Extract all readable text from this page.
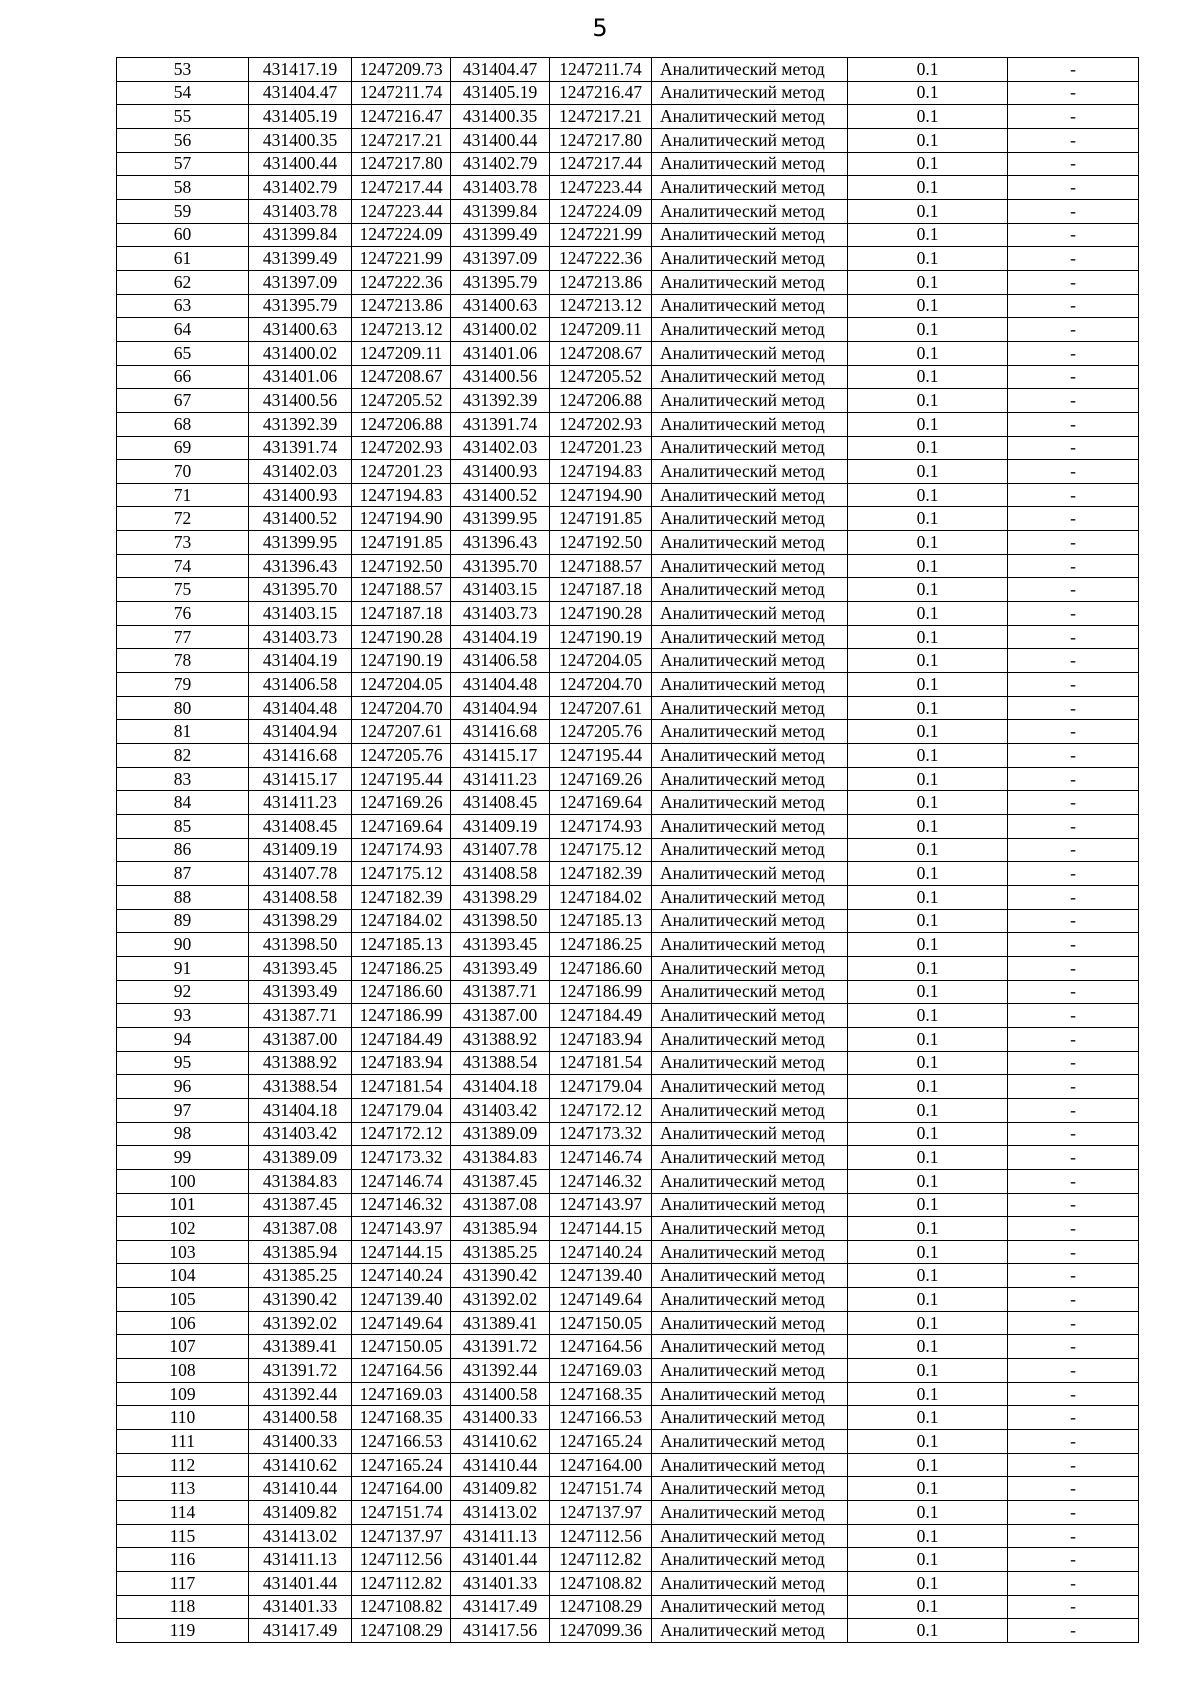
5
53	431417.19	1247209.73	431404.47	1247211.74	Аналитический метод	0.1	-
54	431404.47	1247211.74	431405.19	1247216.47	Аналитический метод	0.1	-
55	431405.19	1247216.47	431400.35	1247217.21	Аналитический метод	0.1	-
56	431400.35	1247217.21	431400.44	1247217.80	Аналитический метод	0.1	-
57	431400.44	1247217.80	431402.79	1247217.44	Аналитический метод	0.1	-
58	431402.79	1247217.44	431403.78	1247223.44	Аналитический метод	0.1	-
59	431403.78	1247223.44	431399.84	1247224.09	Аналитический метод	0.1	-
60	431399.84	1247224.09	431399.49	1247221.99	Аналитический метод	0.1	-
61	431399.49	1247221.99	431397.09	1247222.36	Аналитический метод	0.1	-
62	431397.09	1247222.36	431395.79	1247213.86	Аналитический метод	0.1	-
63	431395.79	1247213.86	431400.63	1247213.12	Аналитический метод	0.1	-
64	431400.63	1247213.12	431400.02	1247209.11	Аналитический метод	0.1	-
65	431400.02	1247209.11	431401.06	1247208.67	Аналитический метод	0.1	-
66	431401.06	1247208.67	431400.56	1247205.52	Аналитический метод	0.1	-
67	431400.56	1247205.52	431392.39	1247206.88	Аналитический метод	0.1	-
68	431392.39	1247206.88	431391.74	1247202.93	Аналитический метод	0.1	-
69	431391.74	1247202.93	431402.03	1247201.23	Аналитический метод	0.1	-
70	431402.03	1247201.23	431400.93	1247194.83	Аналитический метод	0.1	-
71	431400.93	1247194.83	431400.52	1247194.90	Аналитический метод	0.1	-
72	431400.52	1247194.90	431399.95	1247191.85	Аналитический метод	0.1	-
73	431399.95	1247191.85	431396.43	1247192.50	Аналитический метод	0.1	-
74	431396.43	1247192.50	431395.70	1247188.57	Аналитический метод	0.1	-
75	431395.70	1247188.57	431403.15	1247187.18	Аналитический метод	0.1	-
76	431403.15	1247187.18	431403.73	1247190.28	Аналитический метод	0.1	-
77	431403.73	1247190.28	431404.19	1247190.19	Аналитический метод	0.1	-
78	431404.19	1247190.19	431406.58	1247204.05	Аналитический метод	0.1	-
79	431406.58	1247204.05	431404.48	1247204.70	Аналитический метод	0.1	-
80	431404.48	1247204.70	431404.94	1247207.61	Аналитический метод	0.1	-
81	431404.94	1247207.61	431416.68	1247205.76	Аналитический метод	0.1	-
82	431416.68	1247205.76	431415.17	1247195.44	Аналитический метод	0.1	-
83	431415.17	1247195.44	431411.23	1247169.26	Аналитический метод	0.1	-
84	431411.23	1247169.26	431408.45	1247169.64	Аналитический метод	0.1	-
85	431408.45	1247169.64	431409.19	1247174.93	Аналитический метод	0.1	-
86	431409.19	1247174.93	431407.78	1247175.12	Аналитический метод	0.1	-
87	431407.78	1247175.12	431408.58	1247182.39	Аналитический метод	0.1	-
88	431408.58	1247182.39	431398.29	1247184.02	Аналитический метод	0.1	-
89	431398.29	1247184.02	431398.50	1247185.13	Аналитический метод	0.1	-
90	431398.50	1247185.13	431393.45	1247186.25	Аналитический метод	0.1	-
91	431393.45	1247186.25	431393.49	1247186.60	Аналитический метод	0.1	-
92	431393.49	1247186.60	431387.71	1247186.99	Аналитический метод	0.1	-
93	431387.71	1247186.99	431387.00	1247184.49	Аналитический метод	0.1	-
94	431387.00	1247184.49	431388.92	1247183.94	Аналитический метод	0.1	-
95	431388.92	1247183.94	431388.54	1247181.54	Аналитический метод	0.1	-
96	431388.54	1247181.54	431404.18	1247179.04	Аналитический метод	0.1	-
97	431404.18	1247179.04	431403.42	1247172.12	Аналитический метод	0.1	-
98	431403.42	1247172.12	431389.09	1247173.32	Аналитический метод	0.1	-
99	431389.09	1247173.32	431384.83	1247146.74	Аналитический метод	0.1	-
100	431384.83	1247146.74	431387.45	1247146.32	Аналитический метод	0.1	-
101	431387.45	1247146.32	431387.08	1247143.97	Аналитический метод	0.1	-
102	431387.08	1247143.97	431385.94	1247144.15	Аналитический метод	0.1	-
103	431385.94	1247144.15	431385.25	1247140.24	Аналитический метод	0.1	-
104	431385.25	1247140.24	431390.42	1247139.40	Аналитический метод	0.1	-
105	431390.42	1247139.40	431392.02	1247149.64	Аналитический метод	0.1	-
106	431392.02	1247149.64	431389.41	1247150.05	Аналитический метод	0.1	-
107	431389.41	1247150.05	431391.72	1247164.56	Аналитический метод	0.1	-
108	431391.72	1247164.56	431392.44	1247169.03	Аналитический метод	0.1	-
109	431392.44	1247169.03	431400.58	1247168.35	Аналитический метод	0.1	-
110	431400.58	1247168.35	431400.33	1247166.53	Аналитический метод	0.1	-
111	431400.33	1247166.53	431410.62	1247165.24	Аналитический метод	0.1	-
112	431410.62	1247165.24	431410.44	1247164.00	Аналитический метод	0.1	-
113	431410.44	1247164.00	431409.82	1247151.74	Аналитический метод	0.1	-
114	431409.82	1247151.74	431413.02	1247137.97	Аналитический метод	0.1	-
115	431413.02	1247137.97	431411.13	1247112.56	Аналитический метод	0.1	-
116	431411.13	1247112.56	431401.44	1247112.82	Аналитический метод	0.1	-
117	431401.44	1247112.82	431401.33	1247108.82	Аналитический метод	0.1	-
118	431401.33	1247108.82	431417.49	1247108.29	Аналитический метод	0.1	-
119	431417.49	1247108.29	431417.56	1247099.36	Аналитический метод	0.1	-
